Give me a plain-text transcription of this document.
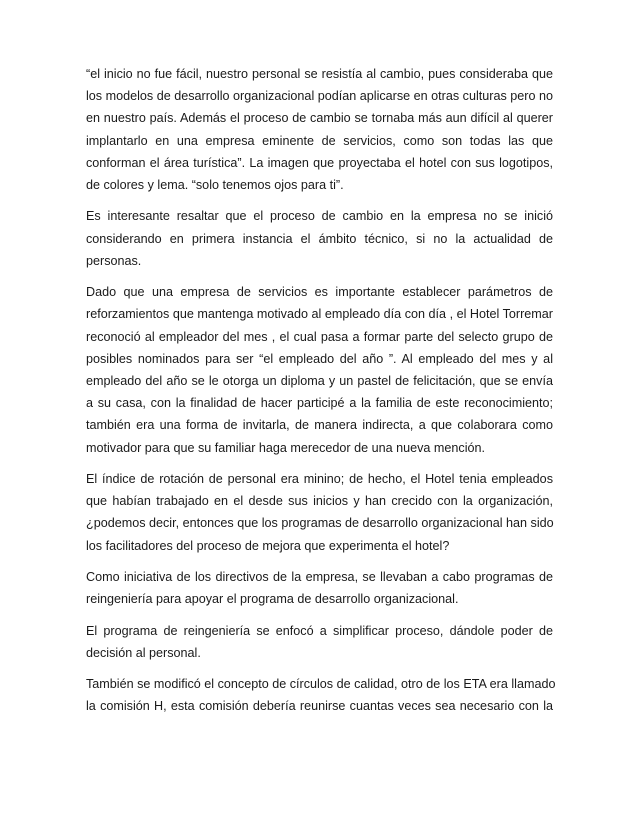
“el inicio no fue fácil, nuestro personal se resistía al cambio, pues consideraba que
los modelos de desarrollo organizacional podían aplicarse en otras culturas pero no
en nuestro país. Además el proceso de cambio se tornaba más aun difícil al querer
implantarlo en una empresa eminente de servicios, como son todas las que
conforman el área turística”. La imagen que proyectaba el hotel con sus logotipos,
de colores y lema. “solo tenemos ojos para ti”.

Es interesante resaltar que el proceso de cambio en la empresa no se inició
considerando en primera instancia el ámbito técnico, si no la actualidad de
personas.

Dado que una empresa de servicios es importante establecer parámetros de
reforzamientos que mantenga motivado al empleado día con día , el Hotel Torremar
reconoció al empleador del mes , el cual pasa a formar parte del selecto grupo de
posibles nominados para ser “el empleado del año ”. Al empleado del mes y al
empleado del año se le otorga un diploma y un pastel de felicitación, que se envía
a su casa, con la finalidad de hacer participé a la familia de este reconocimiento;
también era una forma de invitarla, de manera indirecta, a que colaborara como
motivador para que su familiar haga merecedor de una nueva mención.

El índice de rotación de personal era minino; de hecho, el Hotel tenia empleados
que habían trabajado en el desde sus inicios y han crecido con la organización,
¿podemos decir, entonces que los programas de desarrollo organizacional han sido
los facilitadores del proceso de mejora que experimenta el hotel?

Como iniciativa de los directivos de la empresa, se llevaban a cabo programas de
reingeniería para apoyar el programa de desarrollo organizacional.

El programa de reingeniería se enfocó a simplificar proceso, dándole poder de
decisión al personal.

También se modificó el concepto de círculos de calidad, otro de los ETA era llamado
la comisión H, esta comisión debería reunirse cuantas veces sea necesario con la
